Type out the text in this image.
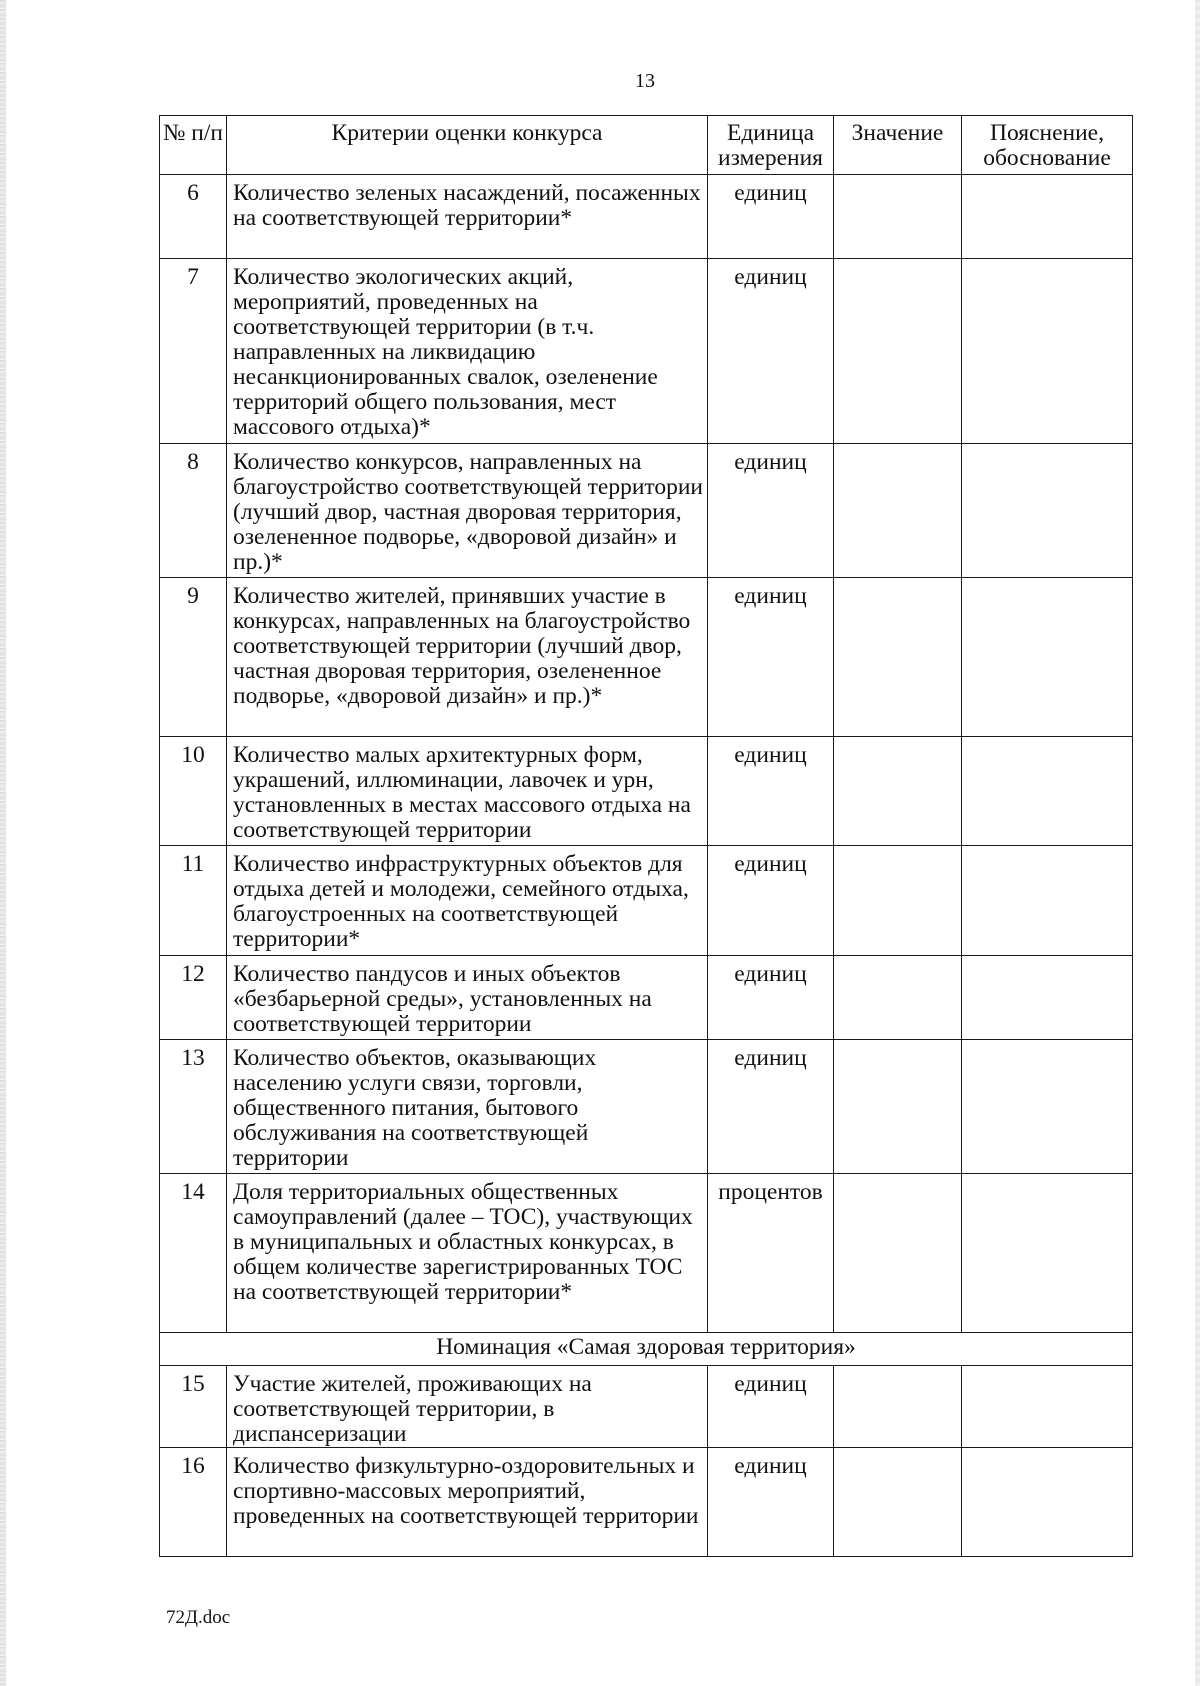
13
№ п/п	Критерии оценки конкурса	Единица измерения	Значение	Пояснение, обоснование
6	Количество зеленых насаждений, посаженных на соответствующей территории*	единиц		
7	Количество экологических акций, мероприятий, проведенных на соответствующей территории (в т.ч. направленных на ликвидацию несанкционированных свалок, озеленение территорий общего пользования, мест массового отдыха)*	единиц		
8	Количество конкурсов, направленных на благоустройство соответствующей территории (лучший двор, частная дворовая территория, озелененное подворье, «дворовой дизайн» и пр.)*	единиц		
9	Количество жителей, принявших участие в конкурсах, направленных на благоустройство соответствующей территории (лучший двор, частная дворовая территория, озелененное подворье, «дворовой дизайн» и пр.)*	единиц		
10	Количество малых архитектурных форм, украшений, иллюминации, лавочек и урн, установленных в местах массового отдыха на соответствующей территории	единиц		
11	Количество инфраструктурных объектов для отдыха детей и молодежи, семейного отдыха, благоустроенных на соответствующей территории*	единиц		
12	Количество пандусов и иных объектов «безбарьерной среды», установленных на соответствующей территории	единиц		
13	Количество объектов, оказывающих населению услуги связи, торговли, общественного питания, бытового обслуживания на соответствующей территории	единиц		
14	Доля территориальных общественных самоуправлений (далее – ТОС), участвующих в муниципальных и областных конкурсах, в общем количестве зарегистрированных ТОС на соответствующей территории*	процентов		
Номинация «Самая здоровая территория»				
15	Участие жителей, проживающих на соответствующей территории, в диспансеризации	единиц		
16	Количество физкультурно-оздоровительных и спортивно-массовых мероприятий, проведенных на соответствующей территории	единиц		
72Д.doc
